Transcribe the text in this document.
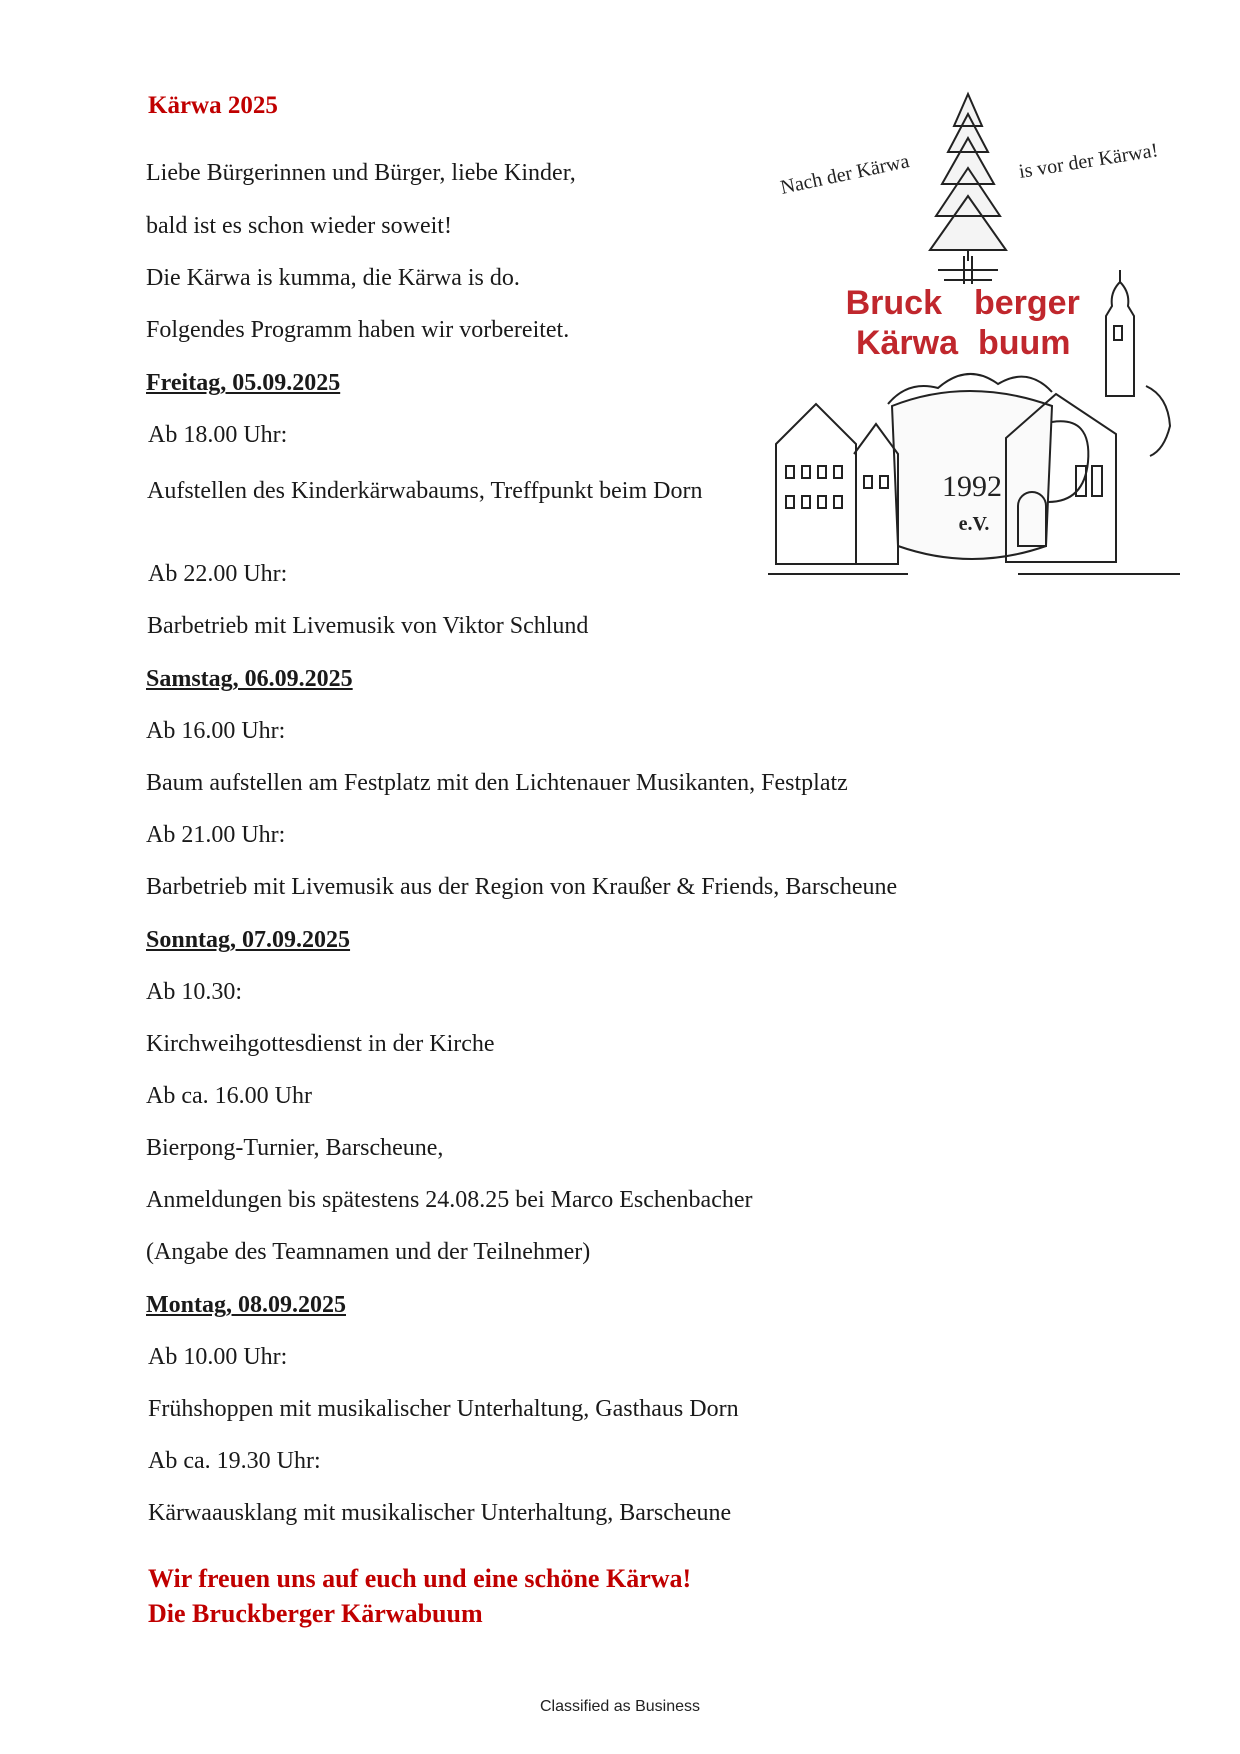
Kärwa 2025

Liebe Bürgerinnen und Bürger, liebe Kinder,

bald ist es schon wieder soweit!

Die Kärwa is kumma, die Kärwa is do.

Folgendes Programm haben wir vorbereitet.

Freitag, 05.09.2025

Ab 18.00 Uhr:

Aufstellen des Kinderkärwabaums, Treffpunkt beim Dorn

Ab 22.00 Uhr:

Barbetrieb mit Livemusik von Viktor Schlund

Samstag, 06.09.2025

Ab 16.00 Uhr:

Baum aufstellen am Festplatz mit den Lichtenauer Musikanten, Festplatz

Ab 21.00 Uhr:

Barbetrieb mit Livemusik aus der Region von Kraußer & Friends, Barscheune

Sonntag, 07.09.2025

Ab 10.30:

Kirchweihgottesdienst in der Kirche

Ab ca. 16.00 Uhr

Bierpong-Turnier, Barscheune,

Anmeldungen bis spätestens 24.08.25 bei Marco Eschenbacher

(Angabe des Teamnamen und der Teilnehmer)

Montag, 08.09.2025

Ab 10.00 Uhr:

Frühshoppen mit musikalischer Unterhaltung, Gasthaus Dorn

Ab ca. 19.30 Uhr:

Kärwaausklang mit musikalischer Unterhaltung, Barscheune

Wir freuen uns auf euch und eine schöne Kärwa!

Die Bruckberger Kärwabuum

Classified as Business
Nach der Kärwa	is vor der Kärwa!
Bruck berger
Kärwa buum
1992
e.V.
